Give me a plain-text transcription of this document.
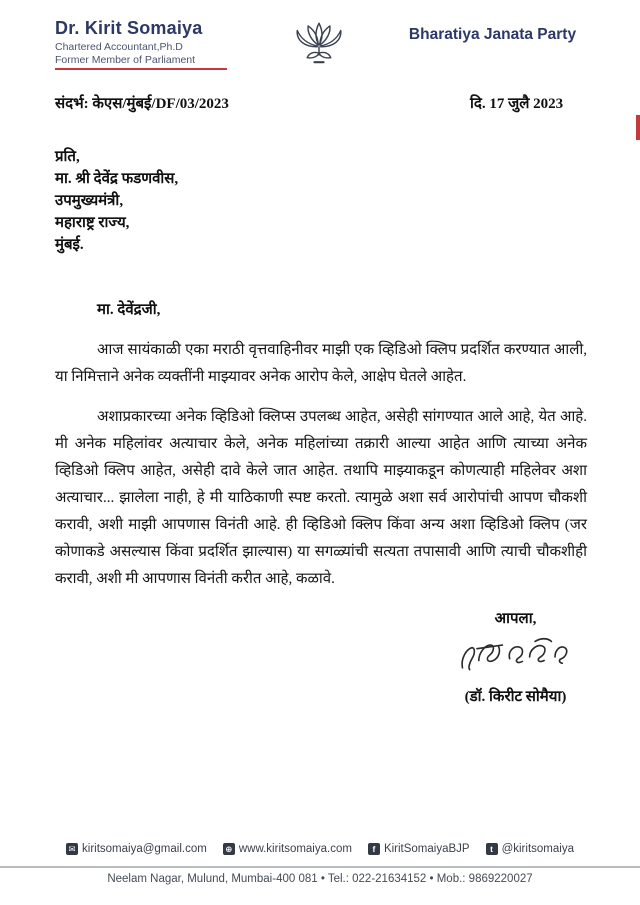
Dr. Kirit Somaiya
Chartered Accountant,Ph.D
Former Member of Parliament
Bharatiya Janata Party
संदर्भ: केएस/मुंबई/DF/03/2023	दि. 17 जुलै 2023
प्रति,
मा. श्री देवेंद्र फडणवीस,
उपमुख्यमंत्री,
महाराष्ट्र राज्य,
मुंबई.
मा. देवेंद्रजी,

आज सायंकाळी एका मराठी वृत्तवाहिनीवर माझी एक व्हिडिओ क्लिप प्रदर्शित करण्यात आली, या निमित्ताने अनेक व्यक्तींनी माझ्यावर अनेक आरोप केले, आक्षेप घेतले आहेत.

अशाप्रकारच्या अनेक व्हिडिओ क्लिप्स उपलब्ध आहेत, असेही सांगण्यात आले आहे, येत आहे. मी अनेक महिलांवर अत्याचार केले, अनेक महिलांच्या तक्रारी आल्या आहेत आणि त्याच्या अनेक व्हिडिओ क्लिप आहेत, असेही दावे केले जात आहेत. तथापि माझ्याकडून कोणत्याही महिलेवर अशा अत्याचार... झालेला नाही, हे मी याठिकाणी स्पष्ट करतो. त्यामुळे अशा सर्व आरोपांची आपण चौकशी करावी, अशी माझी आपणास विनंती आहे. ही व्हिडिओ क्लिप किंवा अन्य अशा व्हिडिओ क्लिप (जर कोणाकडे असल्यास किंवा प्रदर्शित झाल्यास) या सगळ्यांची सत्यता तपासावी आणि त्याची चौकशीही करावी, अशी मी आपणास विनंती करीत आहे, कळावे.

आपला,
(डॉ. किरीट सोमैया)
✉ kiritsomaiya@gmail.com ⊕ www.kiritsomaiya.com	f KiritSomaiyaBJP	t @kiritsomaiya
Neelam Nagar, Mulund, Mumbai-400 081 • Tel.: 022-21634152 • Mob.: 9869220027
